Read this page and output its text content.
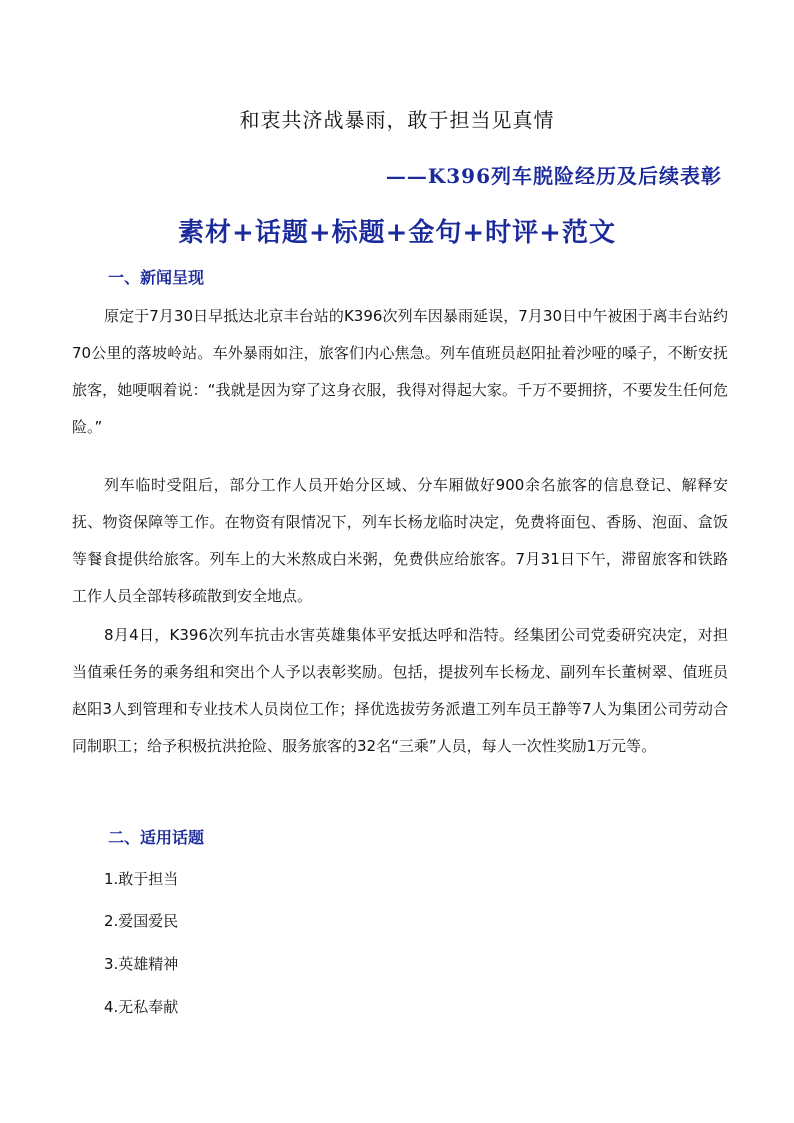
和衷共济战暴雨，敢于担当见真情
——K396列车脱险经历及后续表彰
素材+话题+标题+金句+时评+范文
一、新闻呈现

原定于7月30日早抵达北京丰台站的K396次列车因暴雨延误，7月30日中午被困于离丰台站约70公里的落坡岭站。车外暴雨如注，旅客们内心焦急。列车值班员赵阳扯着沙哑的嗓子，不断安抚旅客，她哽咽着说：“我就是因为穿了这身衣服，我得对得起大家。千万不要拥挤，不要发生任何危险。”

列车临时受阻后，部分工作人员开始分区域、分车厢做好900余名旅客的信息登记、解释安抚、物资保障等工作。在物资有限情况下，列车长杨龙临时决定，免费将面包、香肠、泡面、盒饭等餐食提供给旅客。列车上的大米熬成白米粥，免费供应给旅客。7月31日下午，滞留旅客和铁路工作人员全部转移疏散到安全地点。

8月4日，K396次列车抗击水害英雄集体平安抵达呼和浩特。经集团公司党委研究决定，对担当值乘任务的乘务组和突出个人予以表彰奖励。包括，提拔列车长杨龙、副列车长董树翠、值班员赵阳3人到管理和专业技术人员岗位工作；择优选拔劳务派遣工列车员王静等7人为集团公司劳动合同制职工；给予积极抗洪抢险、服务旅客的32名“三乘”人员，每人一次性奖励1万元等。

二、适用话题
1.敢于担当
2.爱国爱民
3.英雄精神
4.无私奉献
